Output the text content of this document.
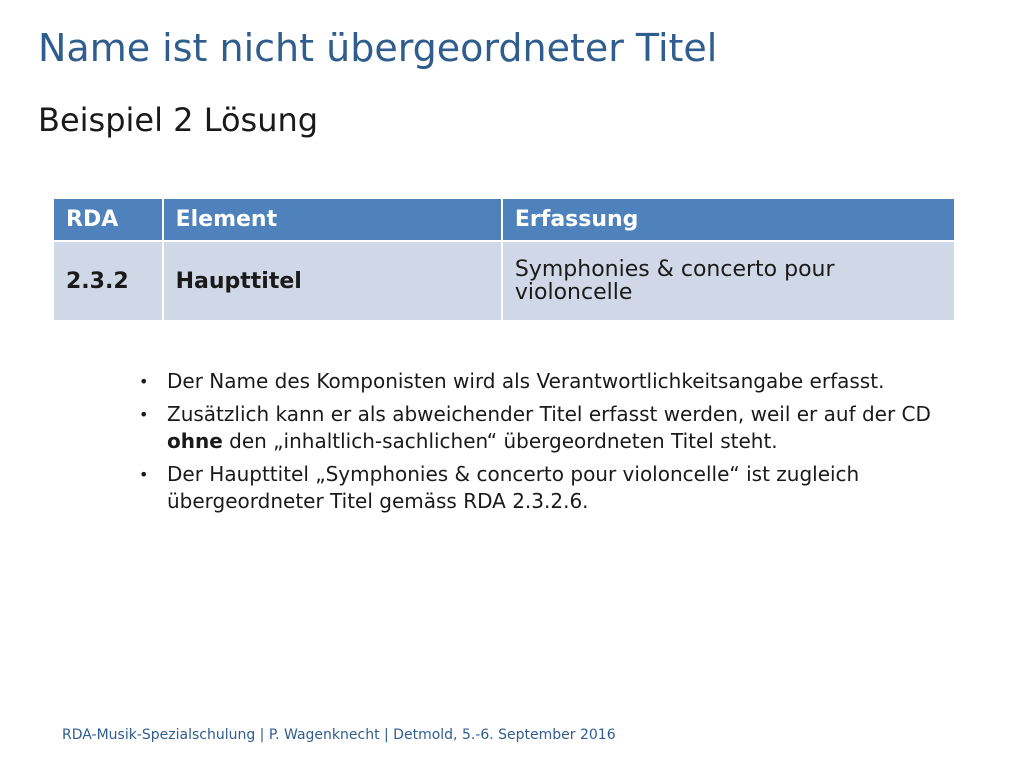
Name ist nicht übergeordneter Titel
Beispiel 2 Lösung
RDA	Element	Erfassung
2.3.2	Haupttitel	Symphonies & concerto pour violoncelle
• Der Name des Komponisten wird als Verantwortlichkeitsangabe erfasst.
• Zusätzlich kann er als abweichender Titel erfasst werden, weil er auf der CD ohne den „inhaltlich-sachlichen“ übergeordneten Titel steht.
• Der Haupttitel „Symphonies & concerto pour violoncelle“ ist zugleich übergeordneter Titel gemäss RDA 2.3.2.6.
RDA-Musik-Spezialschulung | P. Wagenknecht | Detmold, 5.-6. September 2016
